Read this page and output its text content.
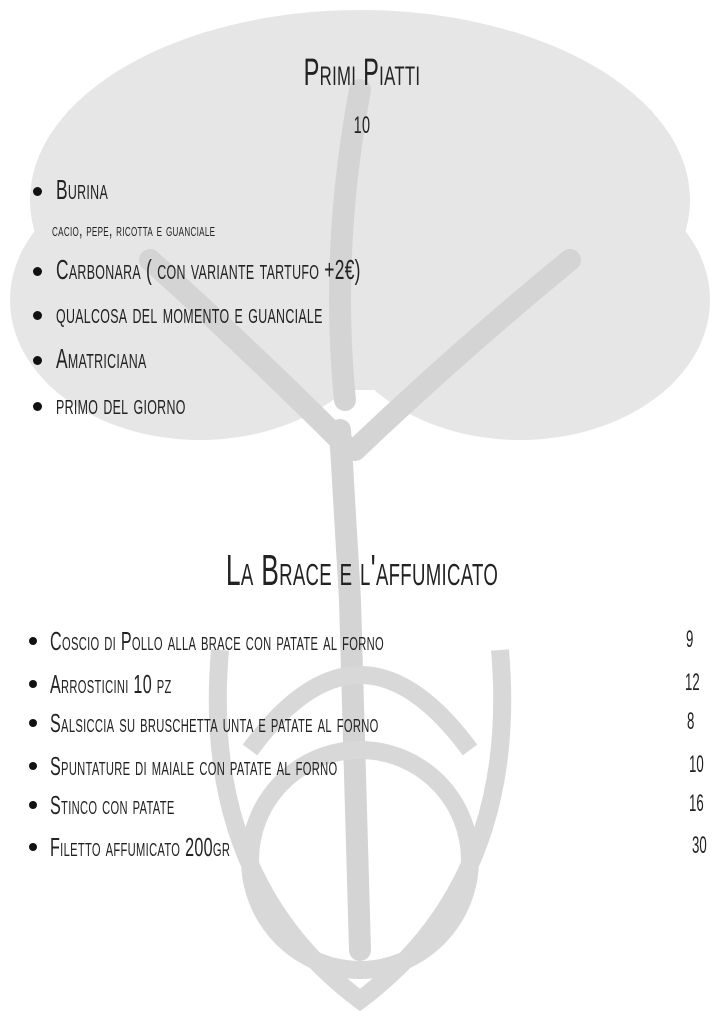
Primi Piatti
10
Burina
cacio, pepe, ricotta e guanciale
Carbonara ( con variante tartufo +2€)
qualcosa del momento e guanciale
Amatriciana
primo del giorno
La Brace e l'affumicato
Coscio di Pollo alla brace con patate al forno	9
Arrosticini 10 pz	12
Salsiccia su bruschetta unta e patate al forno	8
Spuntature di maiale con patate al forno	10
Stinco con patate	16
Filetto affumicato 200gr	30
